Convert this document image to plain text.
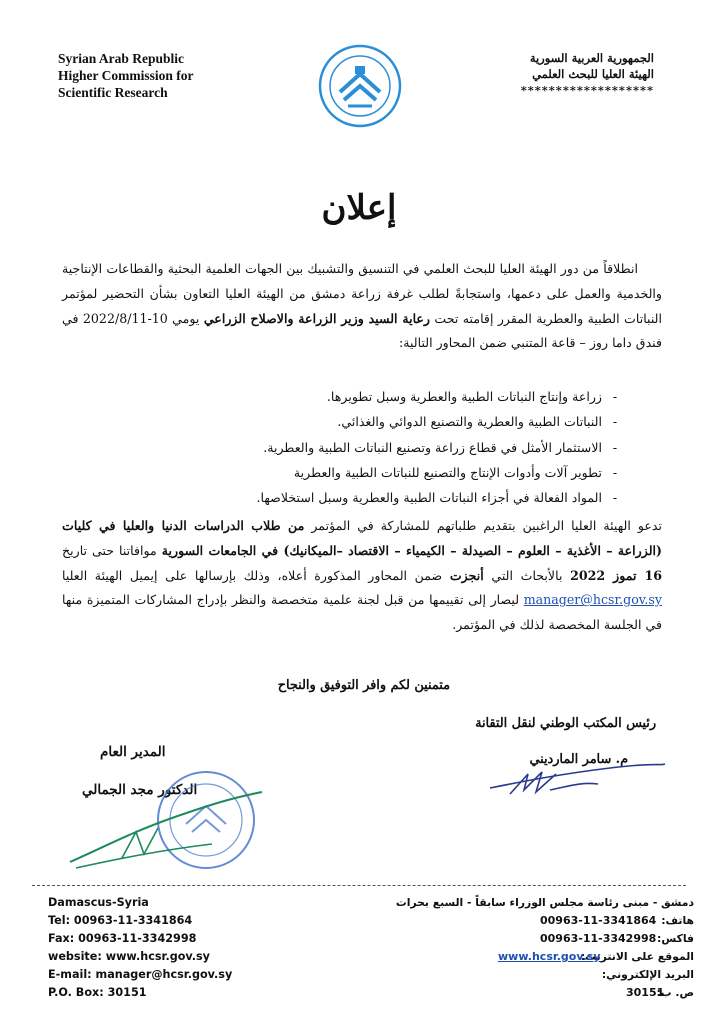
Syrian Arab Republic
Higher Commission for
Scientific Research
الجمهورية العربية السورية
الهيئة العليا للبحث العلمي
*******************
إعلان
انطلاقاً من دور الهيئة العليا للبحث العلمي في التنسيق والتشبيك بين الجهات العلمية البحثية والقطاعات الإنتاجية والخدمية والعمل على دعمها، واستجابةً لطلب غرفة زراعة دمشق من الهيئة العليا التعاون بشأن التحضير لمؤتمر النباتات الطبية والعطرية المقرر إقامته تحت رعاية السيد وزير الزراعة والاصلاح الزراعي يومي 10-2022/8/11 في فندق داما روز – قاعة المتنبي ضمن المحاور التالية:
-زراعة وإنتاج النباتات الطبية والعطرية وسبل تطويرها.
-النباتات الطبية والعطرية والتصنيع الدوائي والغذائي.
-الاستثمار الأمثل في قطاع زراعة وتصنيع النباتات الطبية والعطرية.
-تطوير آلات وأدوات الإنتاج والتصنيع للنباتات الطبية والعطرية
-المواد الفعالة في أجزاء النباتات الطبية والعطرية وسبل استخلاصها.
تدعو الهيئة العليا الراغبين بتقديم طلباتهم للمشاركة في المؤتمر من طلاب الدراسات الدنيا والعليا في كليات (الزراعة – الأغذية – العلوم – الصيدلة – الكيمياء – الاقتصاد –الميكانيك) في الجامعات السورية موافاتنا حتى تاريخ 16 تموز 2022 بالأبحاث التي أنجزت ضمن المحاور المذكورة أعلاه، وذلك بإرسالها على إيميل الهيئة العليا manager@hcsr.gov.sy ليصار إلى تقييمها من قبل لجنة علمية متخصصة والنظر بإدراج المشاركات المتميزة منها في الجلسة المخصصة لذلك في المؤتمر.
متمنين لكم وافر التوفيق والنجاح
رئيس المكتب الوطني لنقل التقانة
م. سامر المارديني
المدير العام
الدكتور مجد الجمالي
Damascus-Syria
Tel: 00963-11-3341864
Fax: 00963-11-3342998
website: www.hcsr.gov.sy
E-mail: manager@hcsr.gov.sy
P.O. Box: 30151
دمشق - مبنى رئاسة مجلس الوزراء سابقاً - السبع بحرات
هاتف:
فاكس:
الموقع على الانترنت:
البريد الإلكتروني:
ص. ب:
00963-11-3341864
00963-11-3342998
www.hcsr.gov.sy
30151
